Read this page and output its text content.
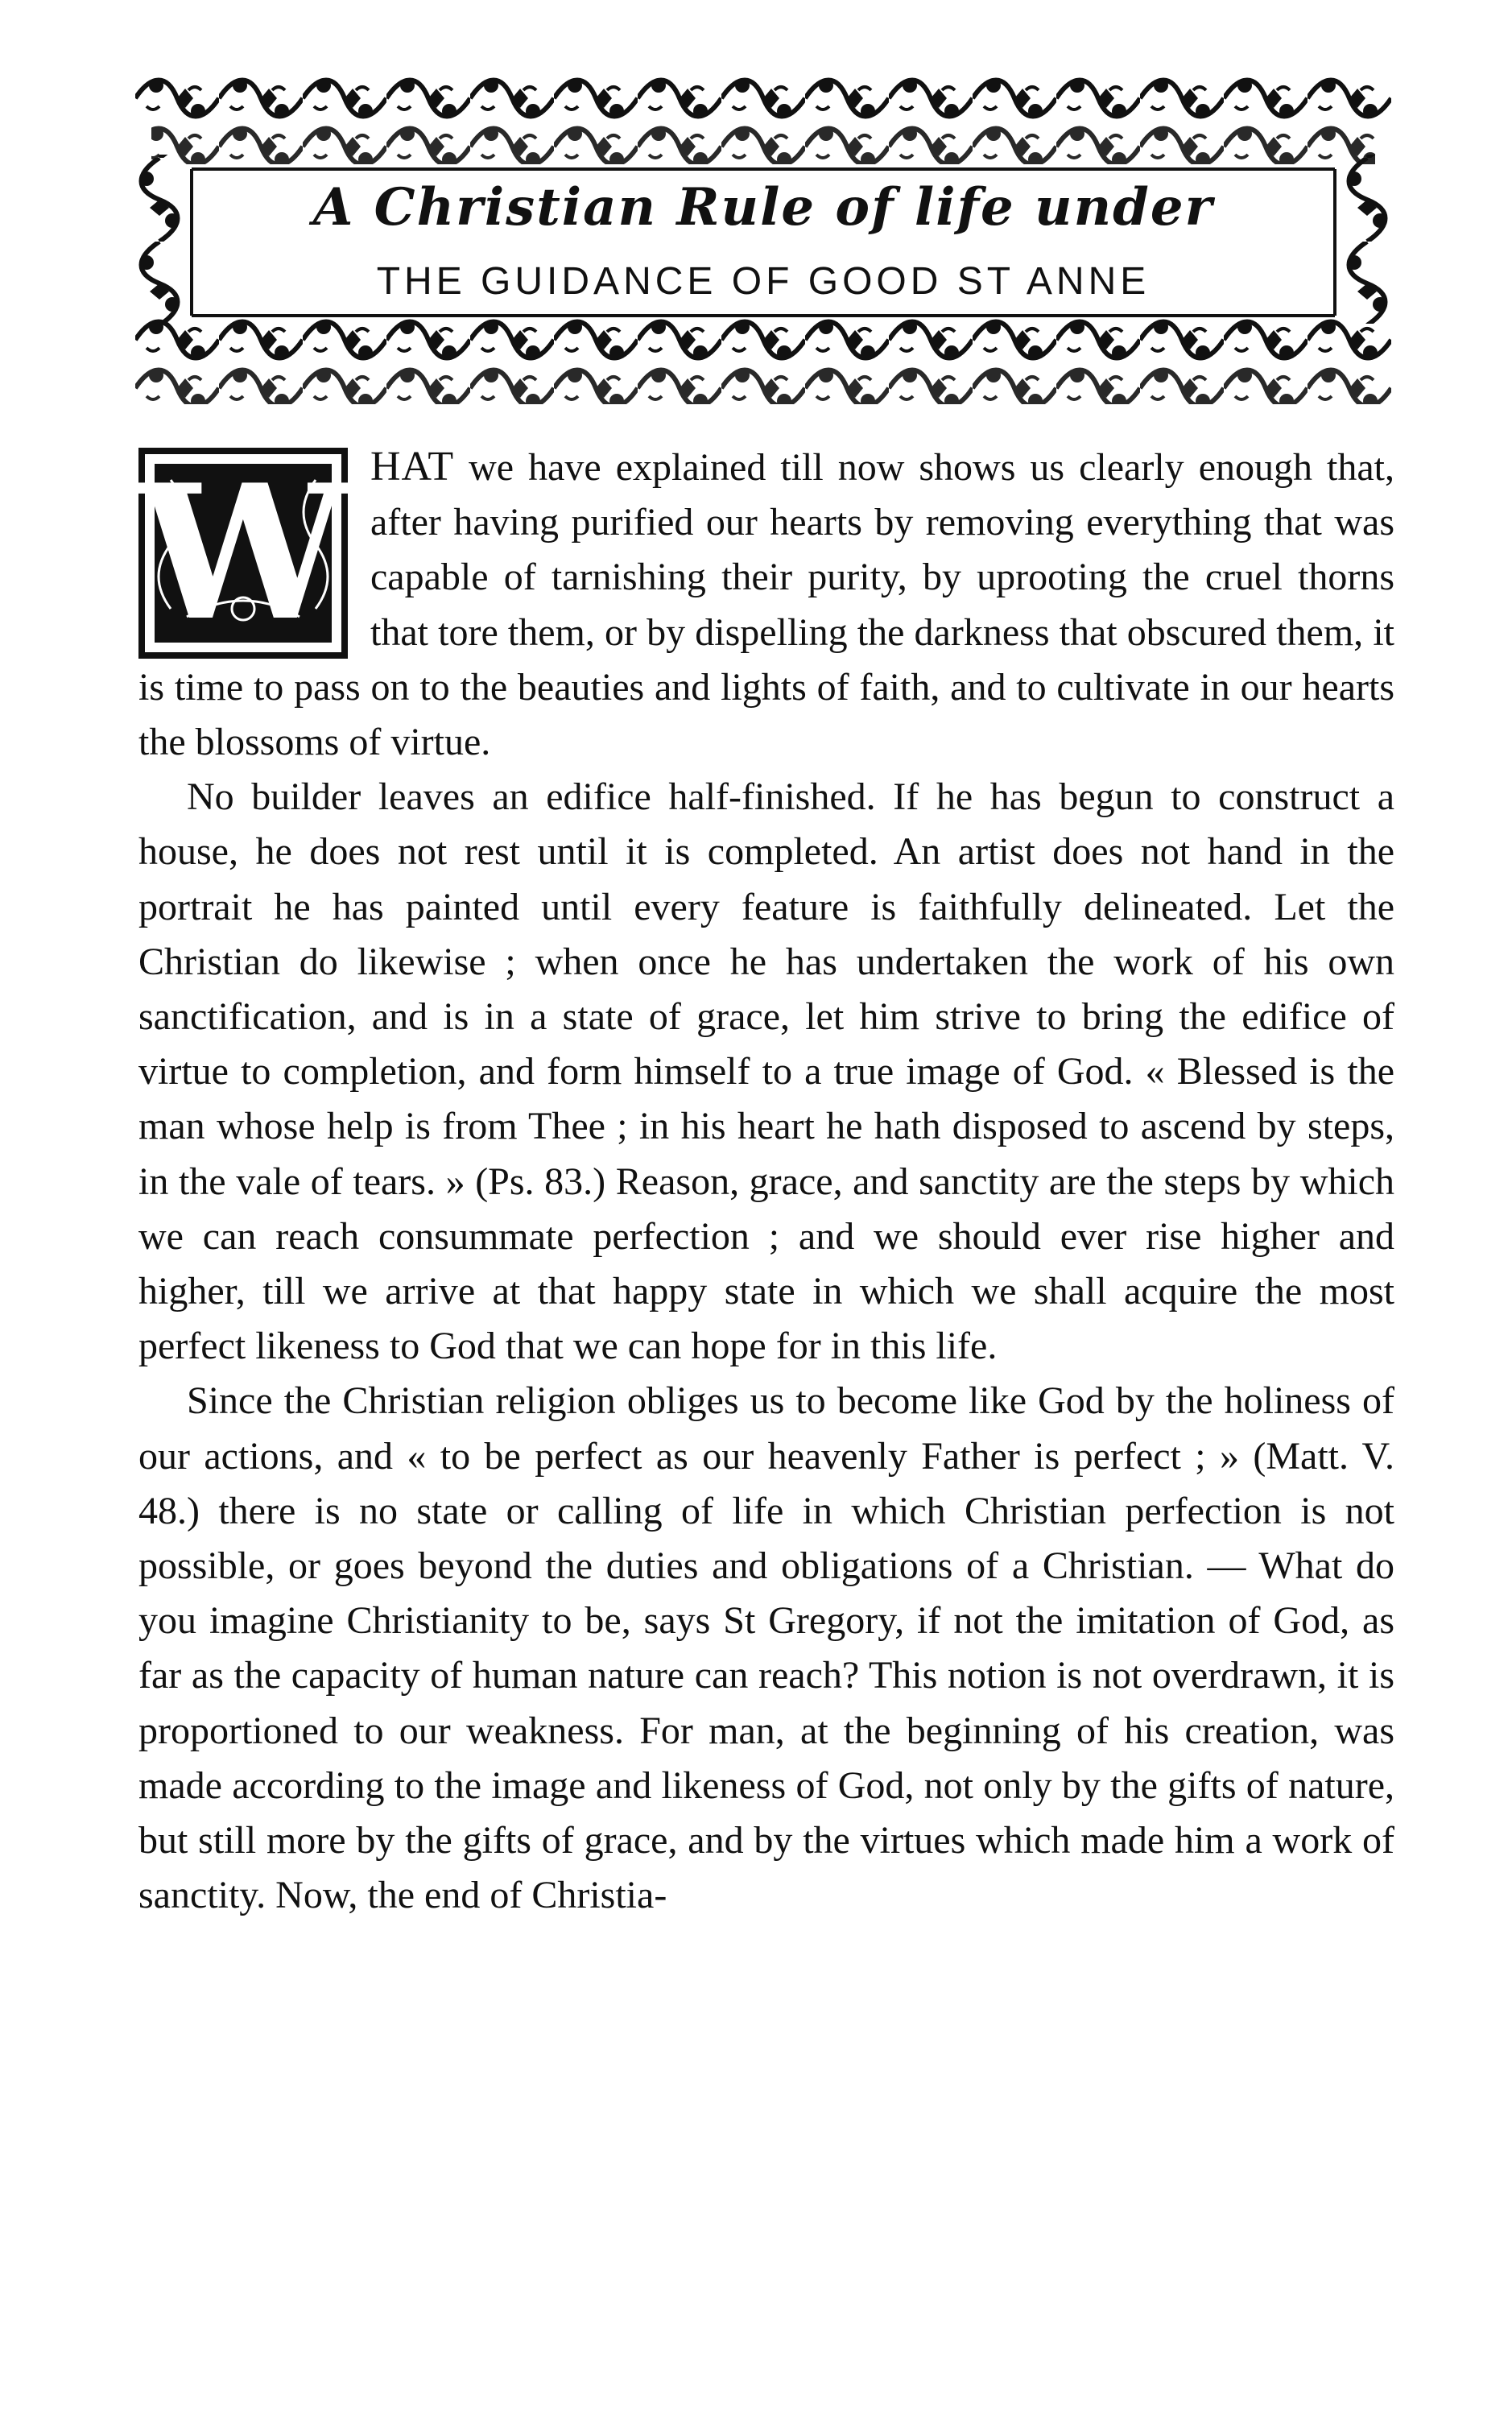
A Christian Rule of life under
THE GUIDANCE OF GOOD ST ANNE

W HAT we have explained till now shows us clearly enough that, after having purified our hearts by removing everything that was capable of tarnishing their purity, by uprooting the cruel thorns that tore them, or by dispelling the darkness that obscured them, it is time to pass on to the beauties and lights of faith, and to cultivate in our hearts the blossoms of virtue.

No builder leaves an edifice half-finished. If he has begun to construct a house, he does not rest until it is completed. An artist does not hand in the portrait he has painted until every feature is faithfully delineated. Let the Christian do likewise ; when once he has undertaken the work of his own sanctification, and is in a state of grace, let him strive to bring the edifice of virtue to completion, and form himself to a true image of God. « Blessed is the man whose help is from Thee ; in his heart he hath disposed to ascend by steps, in the vale of tears. » (Ps. 83.) Reason, grace, and sanctity are the steps by which we can reach consummate perfection ; and we should ever rise higher and higher, till we arrive at that happy state in which we shall acquire the most perfect likeness to God that we can hope for in this life.

Since the Christian religion obliges us to become like God by the holiness of our actions, and « to be perfect as our heavenly Father is perfect ; » (Matt. V. 48.) there is no state or calling of life in which Christian perfection is not possible, or goes beyond the duties and obligations of a Christian. — What do you imagine Christianity to be, says St Gregory, if not the imitation of God, as far as the capacity of human nature can reach? This notion is not overdrawn, it is proportioned to our weakness. For man, at the beginning of his creation, was made according to the image and likeness of God, not only by the gifts of nature, but still more by the gifts of grace, and by the virtues which made him a work of sanctity. Now, the end of Christia-
